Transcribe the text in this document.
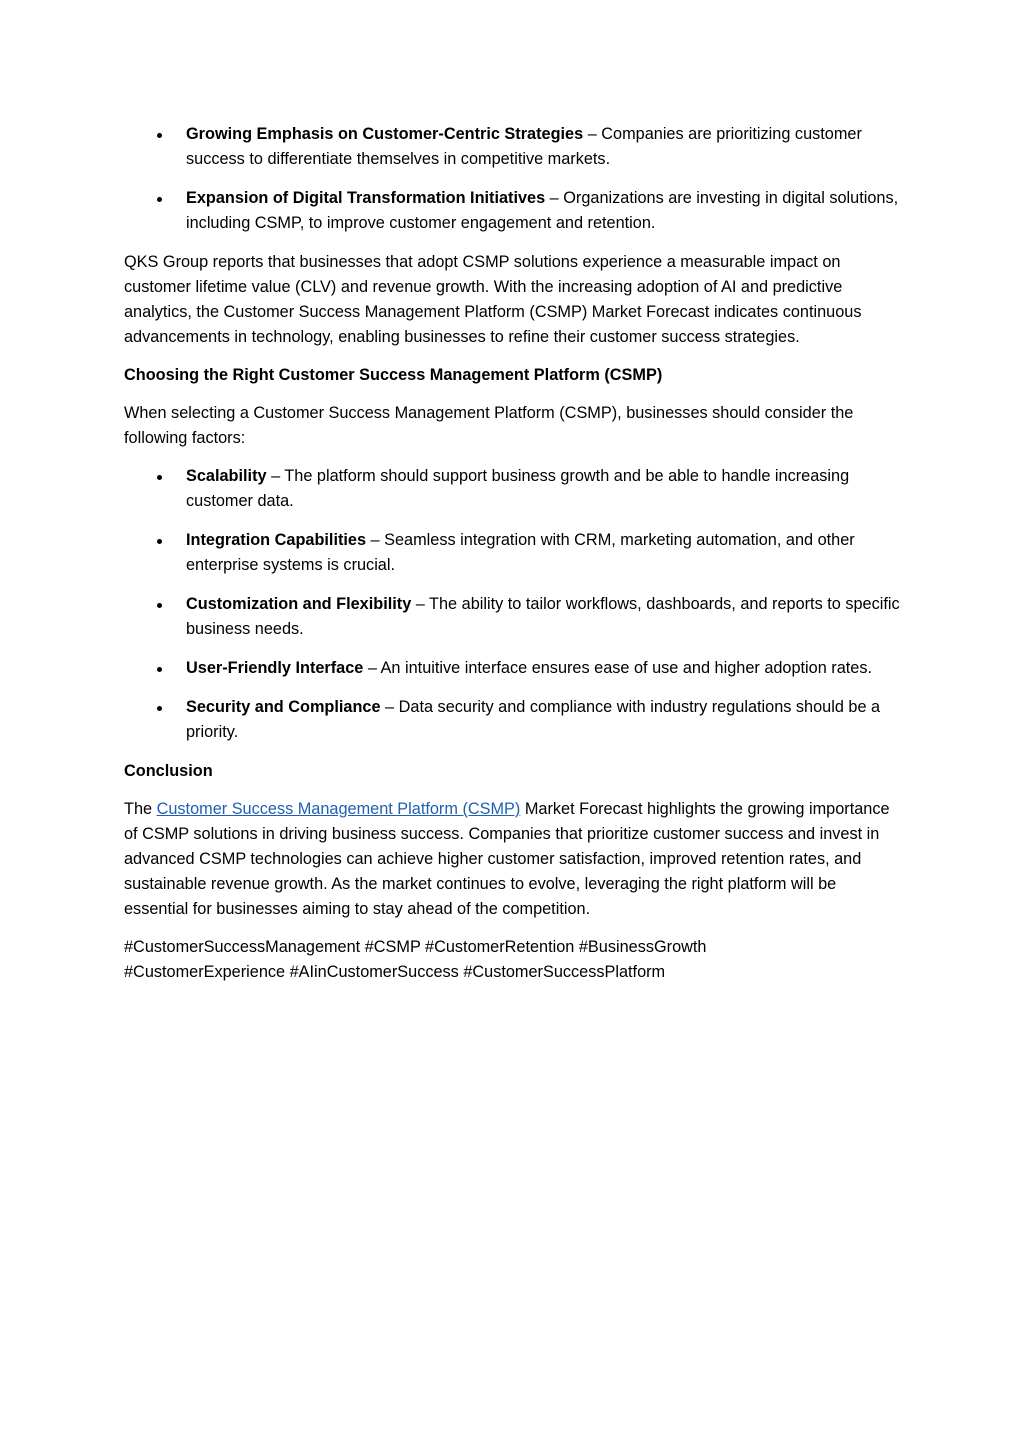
Growing Emphasis on Customer-Centric Strategies – Companies are prioritizing customer success to differentiate themselves in competitive markets.
Expansion of Digital Transformation Initiatives – Organizations are investing in digital solutions, including CSMP, to improve customer engagement and retention.

QKS Group reports that businesses that adopt CSMP solutions experience a measurable impact on customer lifetime value (CLV) and revenue growth. With the increasing adoption of AI and predictive analytics, the Customer Success Management Platform (CSMP) Market Forecast indicates continuous advancements in technology, enabling businesses to refine their customer success strategies.

Choosing the Right Customer Success Management Platform (CSMP)

When selecting a Customer Success Management Platform (CSMP), businesses should consider the following factors:

Scalability – The platform should support business growth and be able to handle increasing customer data.
Integration Capabilities – Seamless integration with CRM, marketing automation, and other enterprise systems is crucial.
Customization and Flexibility – The ability to tailor workflows, dashboards, and reports to specific business needs.
User-Friendly Interface – An intuitive interface ensures ease of use and higher adoption rates.
Security and Compliance – Data security and compliance with industry regulations should be a priority.

Conclusion

The Customer Success Management Platform (CSMP) Market Forecast highlights the growing importance of CSMP solutions in driving business success. Companies that prioritize customer success and invest in advanced CSMP technologies can achieve higher customer satisfaction, improved retention rates, and sustainable revenue growth. As the market continues to evolve, leveraging the right platform will be essential for businesses aiming to stay ahead of the competition.

#CustomerSuccessManagement #CSMP #CustomerRetention #BusinessGrowth
#CustomerExperience #AIinCustomerSuccess #CustomerSuccessPlatform
